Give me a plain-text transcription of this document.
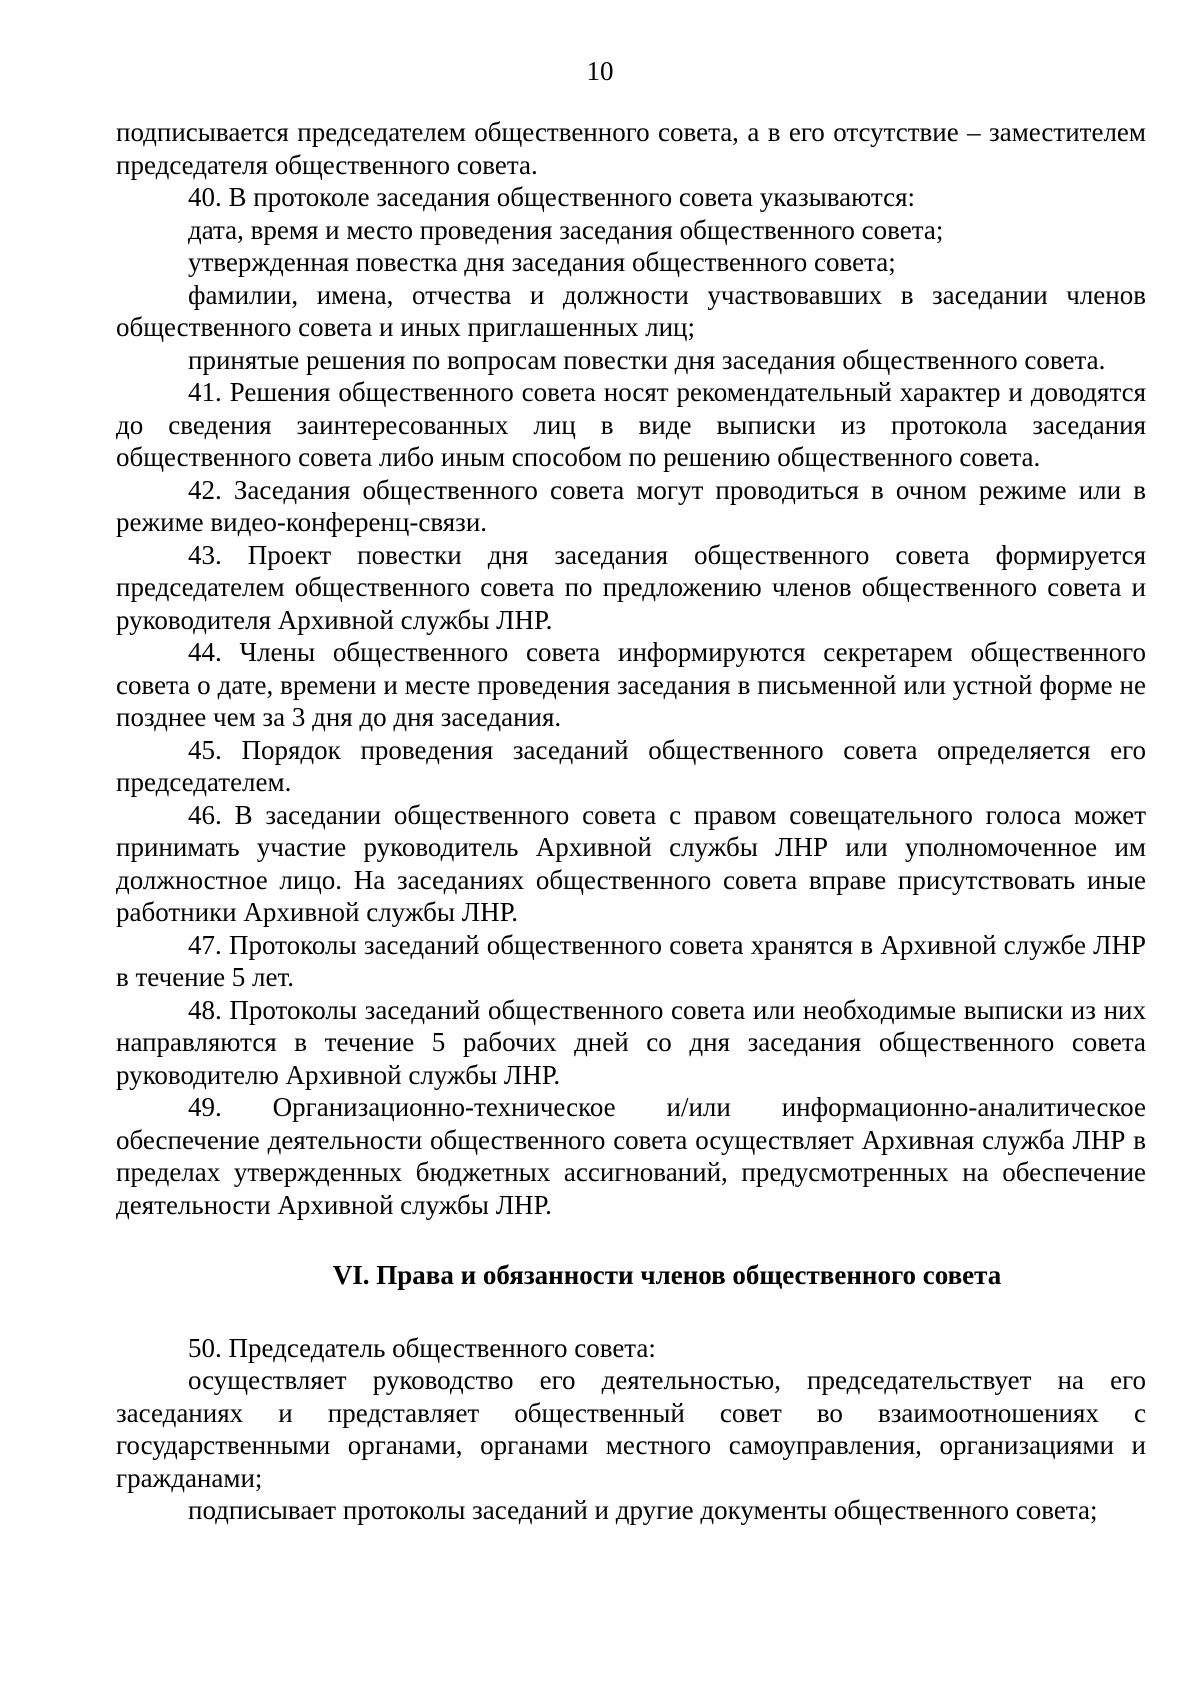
10

подписывается председателем общественного совета, а в его отсутствие – заместителем председателя общественного совета.

40. В протоколе заседания общественного совета указываются:

дата, время и место проведения заседания общественного совета;

утвержденная повестка дня заседания общественного совета;

фамилии, имена, отчества и должности участвовавших в заседании членов общественного совета и иных приглашенных лиц;

принятые решения по вопросам повестки дня заседания общественного совета.

41. Решения общественного совета носят рекомендательный характер и доводятся до сведения заинтересованных лиц в виде выписки из протокола заседания общественного совета либо иным способом по решению общественного совета.

42. Заседания общественного совета могут проводиться в очном режиме или в режиме видео-конференц-связи.

43. Проект повестки дня заседания общественного совета формируется председателем общественного совета по предложению членов общественного совета и руководителя Архивной службы ЛНР.

44. Члены общественного совета информируются секретарем общественного совета о дате, времени и месте проведения заседания в письменной или устной форме не позднее чем за 3 дня до дня заседания.

45. Порядок проведения заседаний общественного совета определяется его председателем.

46. В заседании общественного совета с правом совещательного голоса может принимать участие руководитель Архивной службы ЛНР или уполномоченное им должностное лицо. На заседаниях общественного совета вправе присутствовать иные работники Архивной службы ЛНР.

47. Протоколы заседаний общественного совета хранятся в Архивной службе ЛНР в течение 5 лет.

48. Протоколы заседаний общественного совета или необходимые выписки из них направляются в течение 5 рабочих дней со дня заседания общественного совета руководителю Архивной службы ЛНР.

49. Организационно-техническое и/или информационно-аналитическое обеспечение деятельности общественного совета осуществляет Архивная служба ЛНР в пределах утвержденных бюджетных ассигнований, предусмотренных на обеспечение деятельности Архивной службы ЛНР.

VI. Права и обязанности членов общественного совета

50. Председатель общественного совета:

осуществляет руководство его деятельностью, председательствует на его заседаниях и представляет общественный совет во взаимоотношениях с государственными органами, органами местного самоуправления, организациями и гражданами;

подписывает протоколы заседаний и другие документы общественного совета;
